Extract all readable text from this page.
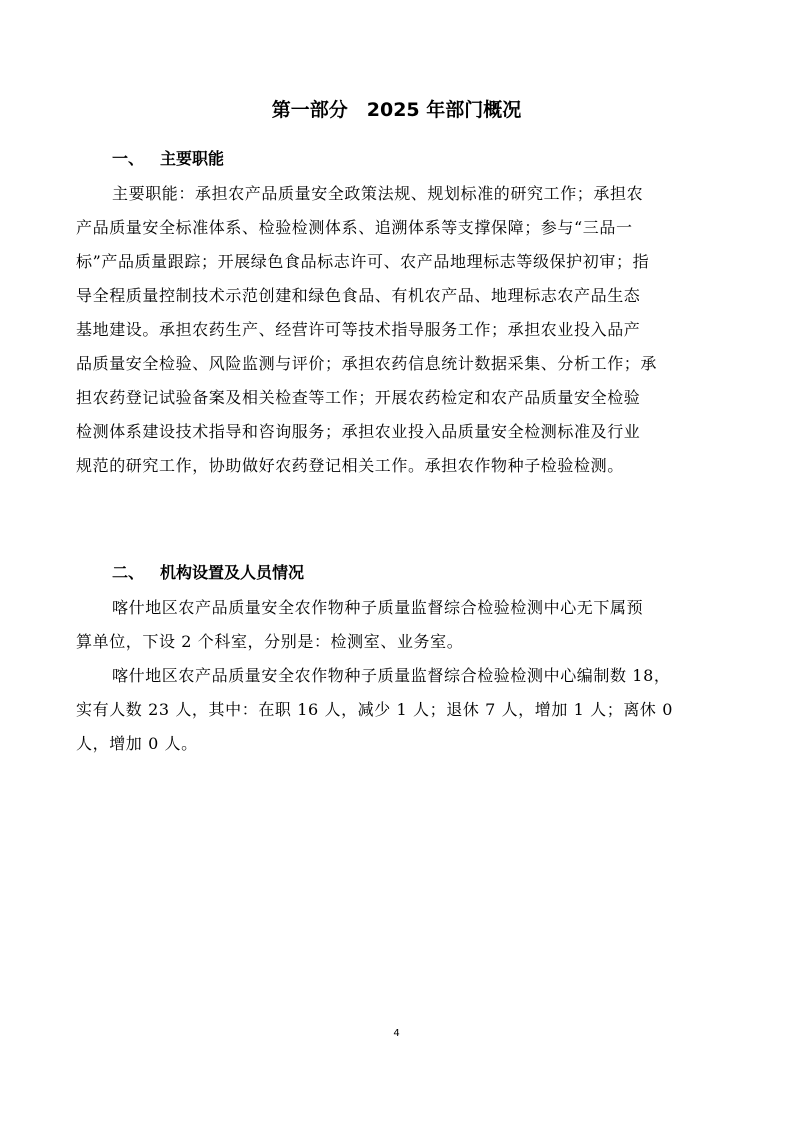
第一部分　2025 年部门概况
一、 主要职能
主要职能：承担农产品质量安全政策法规、规划标准的研究工作；承担农
产品质量安全标准体系、检验检测体系、追溯体系等支撑保障；参与“三品一
标”产品质量跟踪；开展绿色食品标志许可、农产品地理标志等级保护初审；指
导全程质量控制技术示范创建和绿色食品、有机农产品、地理标志农产品生态
基地建设。承担农药生产、经营许可等技术指导服务工作；承担农业投入品产
品质量安全检验、风险监测与评价；承担农药信息统计数据采集、分析工作；承
担农药登记试验备案及相关检查等工作；开展农药检定和农产品质量安全检验
检测体系建设技术指导和咨询服务；承担农业投入品质量安全检测标准及行业
规范的研究工作，协助做好农药登记相关工作。承担农作物种子检验检测。
二、 机构设置及人员情况
喀什地区农产品质量安全农作物种子质量监督综合检验检测中心无下属预
算单位，下设 2 个科室，分别是：检测室、业务室。
喀什地区农产品质量安全农作物种子质量监督综合检验检测中心编制数 18，
实有人数 23 人，其中：在职 16 人，减少 1 人；退休 7 人，增加 1 人；离休 0
人，增加 0 人。
4
